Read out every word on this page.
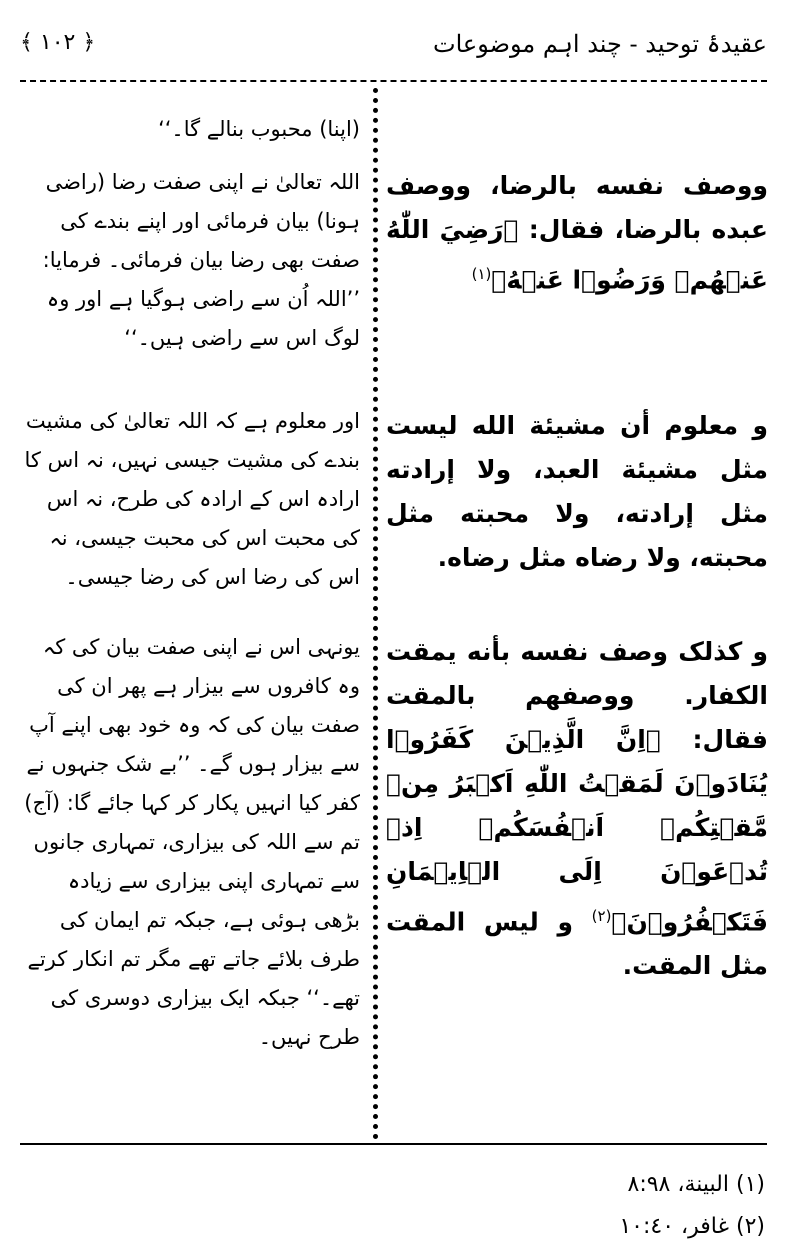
عقیدۂ توحید - چند اہم موضوعات
﴿ ۱۰۲ ﴾
(اپنا) محبوب بنالے گا۔‘‘
ووصف نفسه بالرضا، ووصف عبده بالرضا، فقال: ﴿رَضِيَ اللّٰهُ عَنۡهُمۡ وَرَضُوۡا عَنۡهُ﴾$^{(١)}$
اللہ تعالیٰ نے اپنی صفت رضا (راضی ہونا) بیان فرمائی اور اپنے بندے کی صفت بھی رضا بیان فرمائی۔ فرمایا: ’’اللہ اُن سے راضی ہوگیا ہے اور وہ لوگ اس سے راضی ہیں۔‘‘
و معلوم أن مشيئة الله ليست مثل مشيئة العبد، ولا إرادته مثل إرادته، ولا محبته مثل محبته، ولا رضاه مثل رضاه.
اور معلوم ہے کہ اللہ تعالیٰ کی مشیت بندے کی مشیت جیسی نہیں، نہ اس کا ارادہ اس کے ارادہ کی طرح، نہ اس کی محبت اس کی محبت جیسی، نہ اس کی رضا اس کی رضا جیسی۔
و كذلک وصف نفسه بأنه يمقت الكفار. ووصفهم بالمقت فقال: ﴿اِنَّ الَّذِيۡنَ كَفَرُوۡا يُنَادَوۡنَ لَمَقۡتُ اللّٰهِ اَكۡبَرُ مِنۡ مَّقۡتِكُمۡ اَنۡفُسَكُمۡ اِذۡ تُدۡعَوۡنَ اِلَى الۡاِيۡمَانِ فَتَكۡفُرُوۡنَ﴾$^{(٢)}$ و ليس المقت مثل المقت.
یونہی اس نے اپنی صفت بیان کی کہ وہ کافروں سے بیزار ہے پھر ان کی صفت بیان کی کہ وہ خود بھی اپنے آپ سے بیزار ہوں گے۔ ’’بے شک جنہوں نے کفر کیا انہیں پکار کر کہا جائے گا: (آج) تم سے اللہ کی بیزاری، تمہاری جانوں سے تمہاری اپنی بیزاری سے زیادہ بڑھی ہوئی ہے، جبکہ تم ایمان کی طرف بلائے جاتے تھے مگر تم انکار کرتے تھے۔‘‘ جبکہ ایک بیزاری دوسری کی طرح نہیں۔
(١) البينة، ٨:٩٨
(٢) غافر، ١٠:٤٠
